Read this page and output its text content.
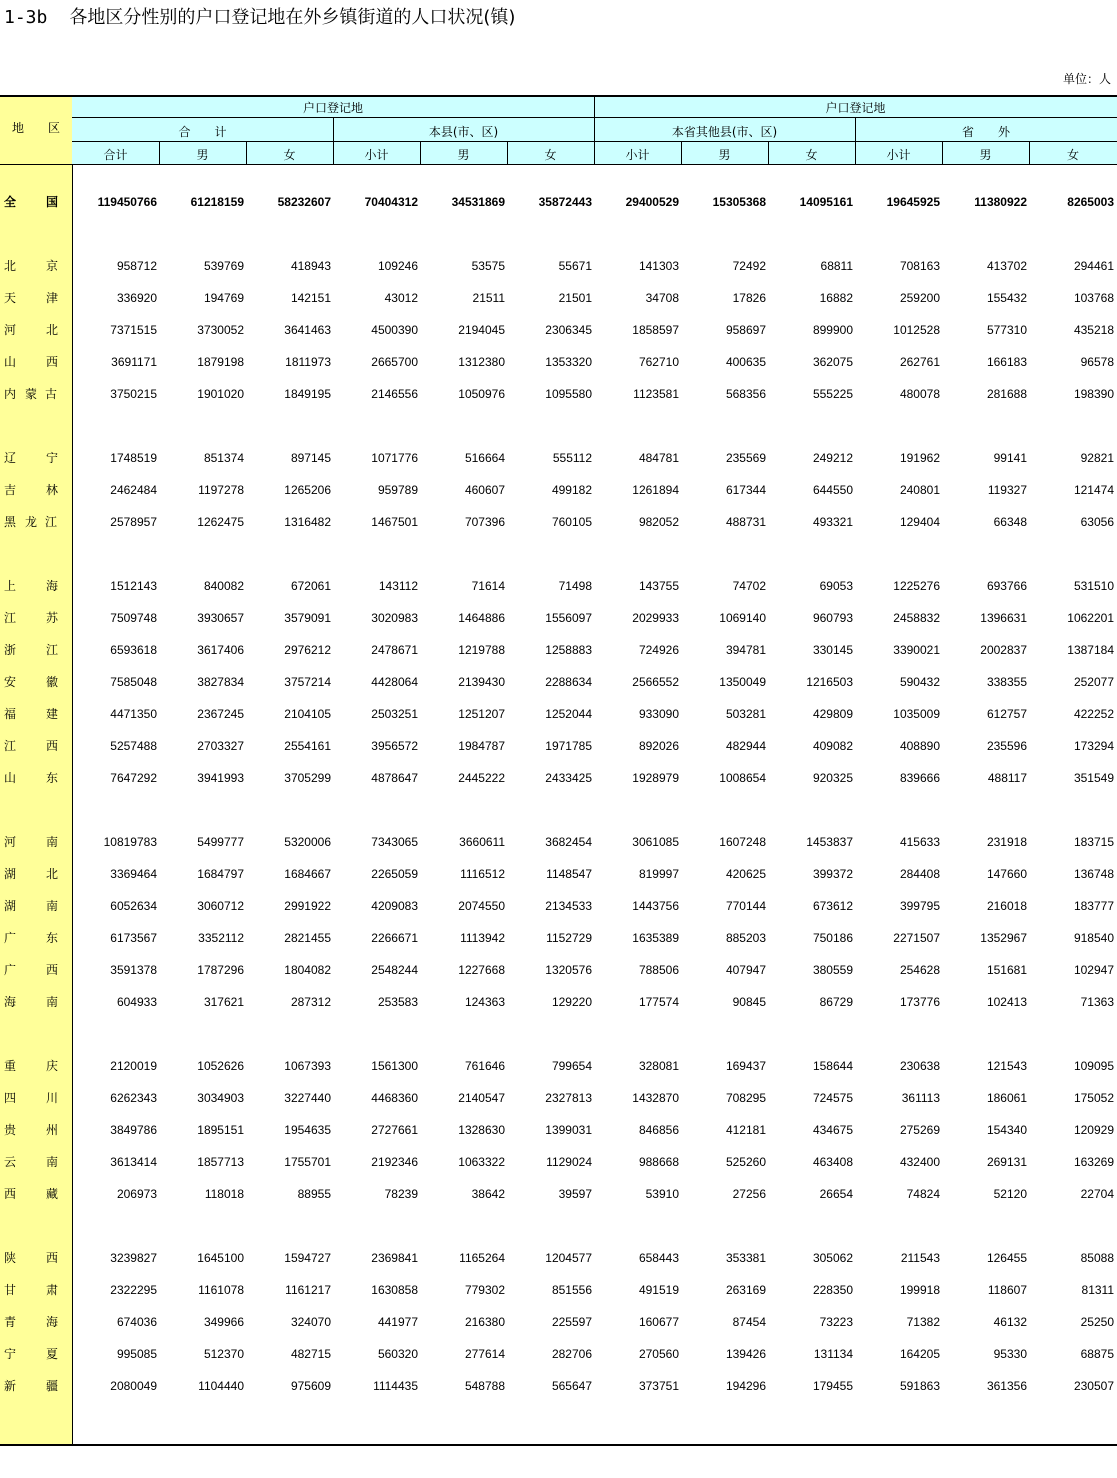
1-3b 各地区分性别的户口登记地在外乡镇街道的人口状况(镇)
单位：人
地　　区
户口登记地	户口登记地
合　　计	本县(市、区)	本省其他县(市、区)	省　　外
合计	男	女	小计	男	女	小计	男	女	小计	男	女
全 国	119450766	61218159	58232607	70404312	34531869	35872443	29400529	15305368	14095161	19645925	11380922	8265003
北 京	958712	539769	418943	109246	53575	55671	141303	72492	68811	708163	413702	294461
天 津	336920	194769	142151	43012	21511	21501	34708	17826	16882	259200	155432	103768
河 北	7371515	3730052	3641463	4500390	2194045	2306345	1858597	958697	899900	1012528	577310	435218
山 西	3691171	1879198	1811973	2665700	1312380	1353320	762710	400635	362075	262761	166183	96578
内 蒙 古	3750215	1901020	1849195	2146556	1050976	1095580	1123581	568356	555225	480078	281688	198390
辽 宁	1748519	851374	897145	1071776	516664	555112	484781	235569	249212	191962	99141	92821
吉 林	2462484	1197278	1265206	959789	460607	499182	1261894	617344	644550	240801	119327	121474
黑 龙 江	2578957	1262475	1316482	1467501	707396	760105	982052	488731	493321	129404	66348	63056
上 海	1512143	840082	672061	143112	71614	71498	143755	74702	69053	1225276	693766	531510
江 苏	7509748	3930657	3579091	3020983	1464886	1556097	2029933	1069140	960793	2458832	1396631	1062201
浙 江	6593618	3617406	2976212	2478671	1219788	1258883	724926	394781	330145	3390021	2002837	1387184
安 徽	7585048	3827834	3757214	4428064	2139430	2288634	2566552	1350049	1216503	590432	338355	252077
福 建	4471350	2367245	2104105	2503251	1251207	1252044	933090	503281	429809	1035009	612757	422252
江 西	5257488	2703327	2554161	3956572	1984787	1971785	892026	482944	409082	408890	235596	173294
山 东	7647292	3941993	3705299	4878647	2445222	2433425	1928979	1008654	920325	839666	488117	351549
河 南	10819783	5499777	5320006	7343065	3660611	3682454	3061085	1607248	1453837	415633	231918	183715
湖 北	3369464	1684797	1684667	2265059	1116512	1148547	819997	420625	399372	284408	147660	136748
湖 南	6052634	3060712	2991922	4209083	2074550	2134533	1443756	770144	673612	399795	216018	183777
广 东	6173567	3352112	2821455	2266671	1113942	1152729	1635389	885203	750186	2271507	1352967	918540
广 西	3591378	1787296	1804082	2548244	1227668	1320576	788506	407947	380559	254628	151681	102947
海 南	604933	317621	287312	253583	124363	129220	177574	90845	86729	173776	102413	71363
重 庆	2120019	1052626	1067393	1561300	761646	799654	328081	169437	158644	230638	121543	109095
四 川	6262343	3034903	3227440	4468360	2140547	2327813	1432870	708295	724575	361113	186061	175052
贵 州	3849786	1895151	1954635	2727661	1328630	1399031	846856	412181	434675	275269	154340	120929
云 南	3613414	1857713	1755701	2192346	1063322	1129024	988668	525260	463408	432400	269131	163269
西 藏	206973	118018	88955	78239	38642	39597	53910	27256	26654	74824	52120	22704
陕 西	3239827	1645100	1594727	2369841	1165264	1204577	658443	353381	305062	211543	126455	85088
甘 肃	2322295	1161078	1161217	1630858	779302	851556	491519	263169	228350	199918	118607	81311
青 海	674036	349966	324070	441977	216380	225597	160677	87454	73223	71382	46132	25250
宁 夏	995085	512370	482715	560320	277614	282706	270560	139426	131134	164205	95330	68875
新 疆	2080049	1104440	975609	1114435	548788	565647	373751	194296	179455	591863	361356	230507
